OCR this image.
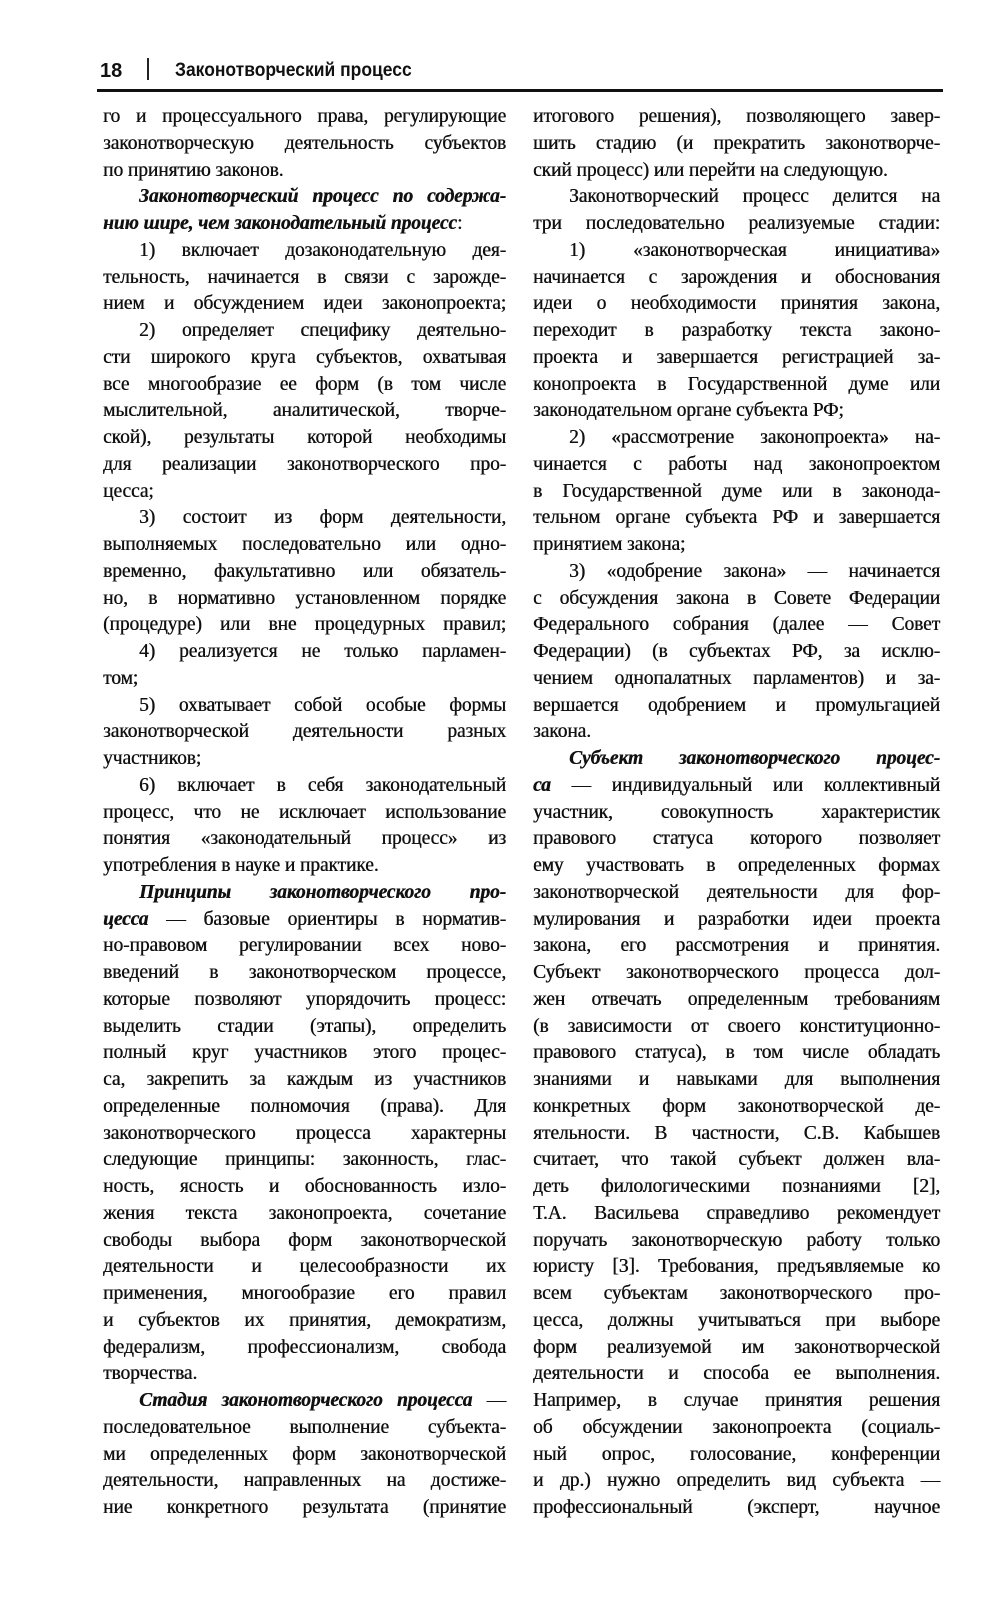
18	Законотворческий процесс
го и процессуального права, регулирующие
законотворческую деятельность субъектов
по принятию законов.
Законотворческий процесс по содержа-
нию шире, чем законодательный процесс:
1) включает дозаконодательную дея-
тельность, начинается в связи с зарожде-
нием и обсуждением идеи законопроекта;
2) определяет специфику деятельно-
сти широкого круга субъектов, охватывая
все многообразие ее форм (в том числе
мыслительной, аналитической, творче-
ской), результаты которой необходимы
для реализации законотворческого про-
цесса;
3) состоит из форм деятельности,
выполняемых последовательно или одно-
временно, факультативно или обязатель-
но, в нормативно установленном порядке
(процедуре) или вне процедурных правил;
4) реализуется не только парламен-
том;
5) охватывает собой особые формы
законотворческой деятельности разных
участников;
6) включает в себя законодательный
процесс, что не исключает использование
понятия «законодательный процесс» из
употребления в науке и практике.
Принципы законотворческого про-
цесса — базовые ориентиры в норматив-
но-правовом регулировании всех ново-
введений в законотворческом процессе,
которые позволяют упорядочить процесс:
выделить стадии (этапы), определить
полный круг участников этого процес-
са, закрепить за каждым из участников
определенные полномочия (права). Для
законотворческого процесса характерны
следующие принципы: законность, глас-
ность, ясность и обоснованность изло-
жения текста законопроекта, сочетание
свободы выбора форм законотворческой
деятельности и целесообразности их
применения, многообразие его правил
и субъектов их принятия, демократизм,
федерализм, профессионализм, свобода
творчества.
Стадия законотворческого процесса —
последовательное выполнение субъекта-
ми определенных форм законотворческой
деятельности, направленных на достиже-
ние конкретного результата (принятие
итогового решения), позволяющего завер-
шить стадию (и прекратить законотворче-
ский процесс) или перейти на следующую.
Законотворческий процесс делится на
три последовательно реализуемые стадии:
1) «законотворческая инициатива»
начинается с зарождения и обоснования
идеи о необходимости принятия закона,
переходит в разработку текста законо-
проекта и завершается регистрацией за-
конопроекта в Государственной думе или
законодательном органе субъекта РФ;
2) «рассмотрение законопроекта» на-
чинается с работы над законопроектом
в Государственной думе или в законода-
тельном органе субъекта РФ и завершается
принятием закона;
3) «одобрение закона» — начинается
с обсуждения закона в Совете Федерации
Федерального собрания (далее — Совет
Федерации) (в субъектах РФ, за исклю-
чением однопалатных парламентов) и за-
вершается одобрением и промульгацией
закона.
Субъект законотворческого процес-
са — индивидуальный или коллективный
участник, совокупность характеристик
правового статуса которого позволяет
ему участвовать в определенных формах
законотворческой деятельности для фор-
мулирования и разработки идеи проекта
закона, его рассмотрения и принятия.
Субъект законотворческого процесса дол-
жен отвечать определенным требованиям
(в зависимости от своего конституционно-
правового статуса), в том числе обладать
знаниями и навыками для выполнения
конкретных форм законотворческой де-
ятельности. В частности, С.В. Кабышев
считает, что такой субъект должен вла-
деть филологическими познаниями [2],
Т.А. Васильева справедливо рекомендует
поручать законотворческую работу только
юристу [3]. Требования, предъявляемые ко
всем субъектам законотворческого про-
цесса, должны учитываться при выборе
форм реализуемой им законотворческой
деятельности и способа ее выполнения.
Например, в случае принятия решения
об обсуждении законопроекта (социаль-
ный опрос, голосование, конференции
и др.) нужно определить вид субъекта —
профессиональный (эксперт, научное
